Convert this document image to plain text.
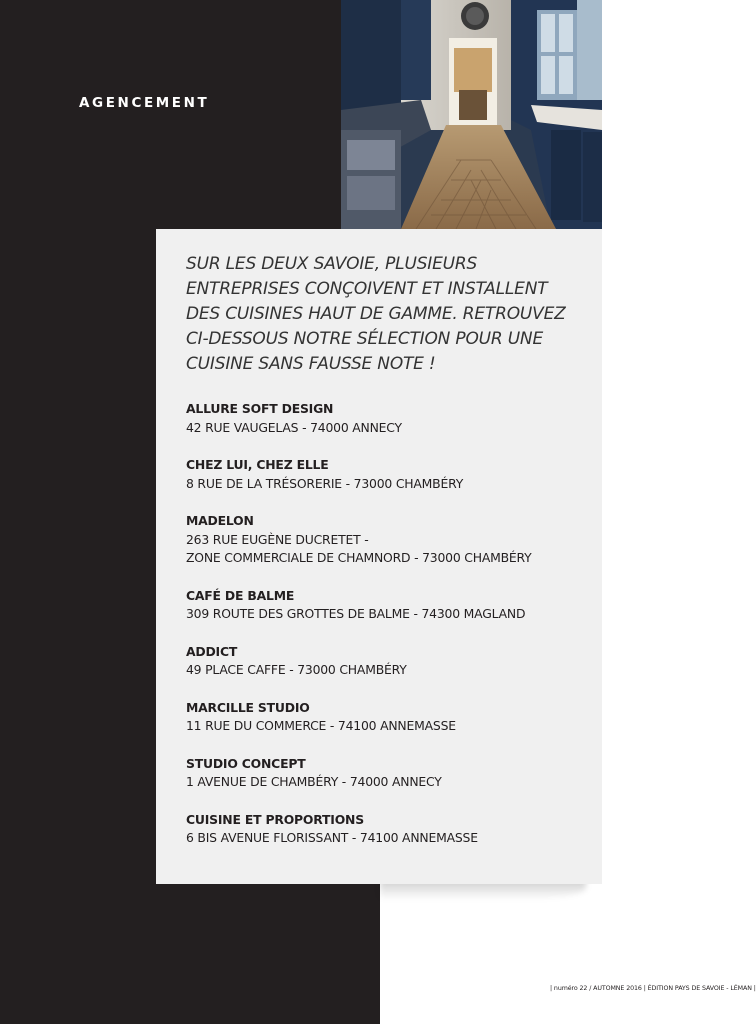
AGENCEMENT

SUR LES DEUX SAVOIE, PLUSIEURS ENTREPRISES CONÇOIVENT ET INSTALLENT DES CUISINES HAUT DE GAMME. RETROUVEZ CI-DESSOUS NOTRE SÉLECTION POUR UNE CUISINE SANS FAUSSE NOTE !

ALLURE SOFT DESIGN
42 RUE VAUGELAS - 74000 ANNECY
CHEZ LUI, CHEZ ELLE
8 RUE DE LA TRÉSORERIE - 73000 CHAMBÉRY
MADELON
263 RUE EUGÈNE DUCRETET -
ZONE COMMERCIALE DE CHAMNORD - 73000 CHAMBÉRY
CAFÉ DE BALME
309 ROUTE DES GROTTES DE BALME - 74300 MAGLAND
ADDICT
49 PLACE CAFFE - 73000 CHAMBÉRY
MARCILLE STUDIO
11 RUE DU COMMERCE - 74100 ANNEMASSE
STUDIO CONCEPT
1 AVENUE DE CHAMBÉRY - 74000 ANNECY
CUISINE ET PROPORTIONS
6 BIS AVENUE FLORISSANT - 74100 ANNEMASSE
| numéro 22 / AUTOMNE 2016 | ÉDITION PAYS DE SAVOIE - LÉMAN |
